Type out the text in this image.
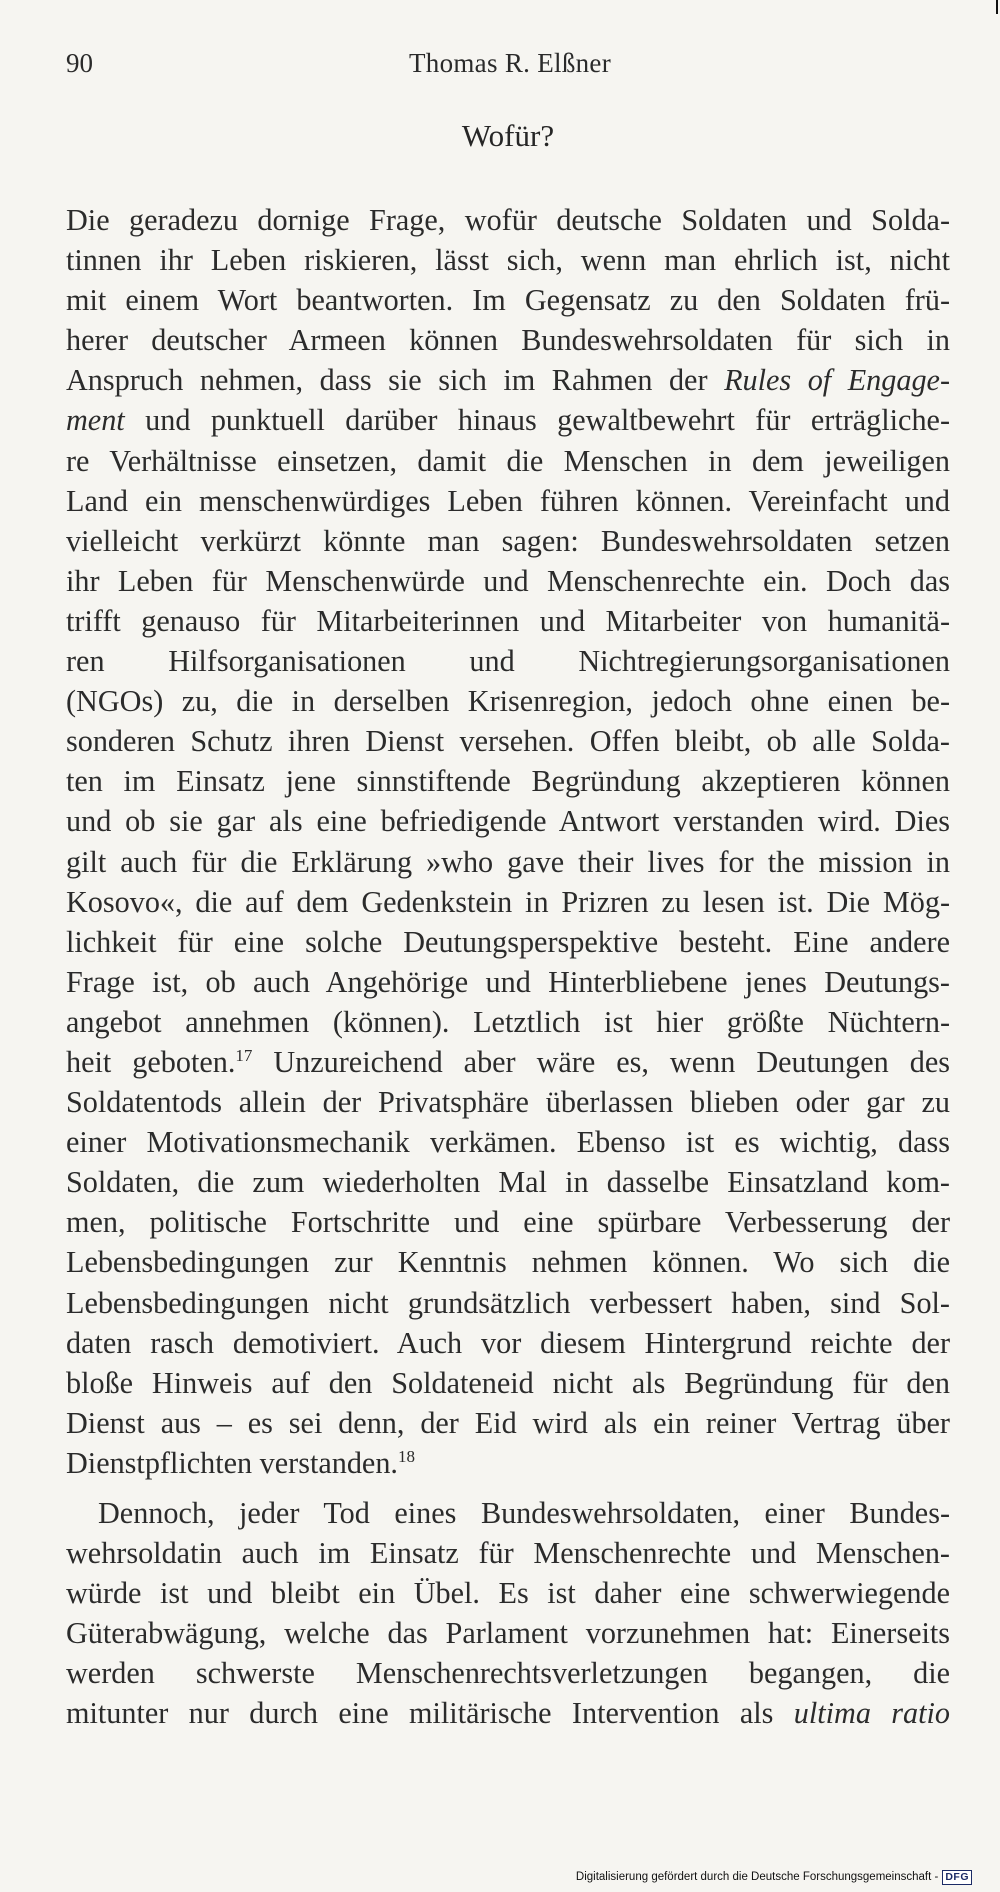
90	Thomas R. Elßner
Wofür?
Die geradezu dornige Frage, wofür deutsche Soldaten und Solda-
tinnen ihr Leben riskieren, lässt sich, wenn man ehrlich ist, nicht
mit einem Wort beantworten. Im Gegensatz zu den Soldaten frü-
herer deutscher Armeen können Bundeswehrsoldaten für sich in
Anspruch nehmen, dass sie sich im Rahmen der Rules of Engage-
ment und punktuell darüber hinaus gewaltbewehrt für erträgliche-
re Verhältnisse einsetzen, damit die Menschen in dem jeweiligen
Land ein menschenwürdiges Leben führen können. Vereinfacht und
vielleicht verkürzt könnte man sagen: Bundeswehrsoldaten setzen
ihr Leben für Menschenwürde und Menschenrechte ein. Doch das
trifft genauso für Mitarbeiterinnen und Mitarbeiter von humanitä-
ren Hilfsorganisationen und Nichtregierungsorganisationen
(NGOs) zu, die in derselben Krisenregion, jedoch ohne einen be-
sonderen Schutz ihren Dienst versehen. Offen bleibt, ob alle Solda-
ten im Einsatz jene sinnstiftende Begründung akzeptieren können
und ob sie gar als eine befriedigende Antwort verstanden wird. Dies
gilt auch für die Erklärung »who gave their lives for the mission in
Kosovo«, die auf dem Gedenkstein in Prizren zu lesen ist. Die Mög-
lichkeit für eine solche Deutungsperspektive besteht. Eine andere
Frage ist, ob auch Angehörige und Hinterbliebene jenes Deutungs-
angebot annehmen (können). Letztlich ist hier größte Nüchtern-
heit geboten.$^{17}$ Unzureichend aber wäre es, wenn Deutungen des
Soldatentods allein der Privatsphäre überlassen blieben oder gar zu
einer Motivationsmechanik verkämen. Ebenso ist es wichtig, dass
Soldaten, die zum wiederholten Mal in dasselbe Einsatzland kom-
men, politische Fortschritte und eine spürbare Verbesserung der
Lebensbedingungen zur Kenntnis nehmen können. Wo sich die
Lebensbedingungen nicht grundsätzlich verbessert haben, sind Sol-
daten rasch demotiviert. Auch vor diesem Hintergrund reichte der
bloße Hinweis auf den Soldateneid nicht als Begründung für den
Dienst aus – es sei denn, der Eid wird als ein reiner Vertrag über
Dienstpflichten verstanden.$^{18}$
Dennoch, jeder Tod eines Bundeswehrsoldaten, einer Bundes-
wehrsoldatin auch im Einsatz für Menschenrechte und Menschen-
würde ist und bleibt ein Übel. Es ist daher eine schwerwiegende
Güterabwägung, welche das Parlament vorzunehmen hat: Einerseits
werden schwerste Menschenrechtsverletzungen begangen, die
mitunter nur durch eine militärische Intervention als ultima ratio
Digitalisierung gefördert durch die Deutsche Forschungsgemeinschaft - DFG
